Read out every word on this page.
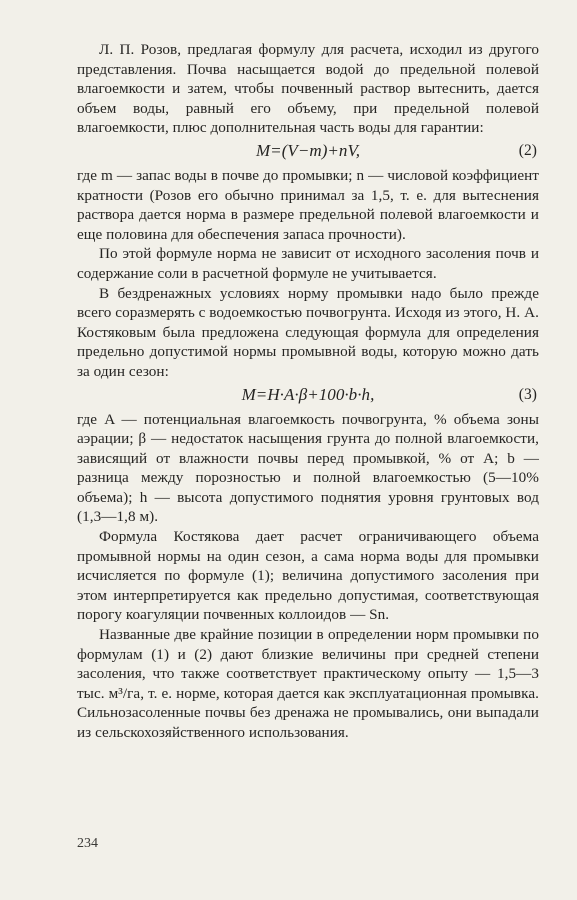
Л. П. Розов, предлагая формулу для расчета, исходил из другого представления. Почва насыщается водой до предельной полевой влагоемкости и затем, чтобы почвенный раствор вытеснить, дается объем воды, равный его объему, при предельной полевой влагоемкости, плюс дополнительная часть воды для гарантии:

M=(V−m)+nV,	(2)

где m — запас воды в почве до промывки; n — числовой коэффициент кратности (Розов его обычно принимал за 1,5, т. е. для вытеснения раствора дается норма в размере предельной полевой влагоемкости и еще половина для обеспечения запаса прочности).

По этой формуле норма не зависит от исходного засоления почв и содержание соли в расчетной формуле не учитывается.

В бездренажных условиях норму промывки надо было прежде всего соразмерять с водоемкостью почвогрунта. Исходя из этого, Н. А. Костяковым была предложена следующая формула для определения предельно допустимой нормы промывной воды, которую можно дать за один сезон:

M=H·A·β+100·b·h,	(3)

где A — потенциальная влагоемкость почвогрунта, % объема зоны аэрации; β — недостаток насыщения грунта до полной влагоемкости, зависящий от влажности почвы перед промывкой, % от A; b — разница между порозностью и полной влагоемкостью (5—10% объема); h — высота допустимого поднятия уровня грунтовых вод (1,3—1,8 м).

Формула Костякова дает расчет ограничивающего объема промывной нормы на один сезон, а сама норма воды для промывки исчисляется по формуле (1); величина допустимого засоления при этом интерпретируется как предельно допустимая, соответствующая порогу коагуляции почвенных коллоидов — Sn.

Названные две крайние позиции в определении норм промывки по формулам (1) и (2) дают близкие величины при средней степени засоления, что также соответствует практическому опыту — 1,5—3 тыс. м³/га, т. е. норме, которая дается как эксплуатационная промывка. Сильнозасоленные почвы без дренажа не промывались, они выпадали из сельскохозяйственного использования.

234
